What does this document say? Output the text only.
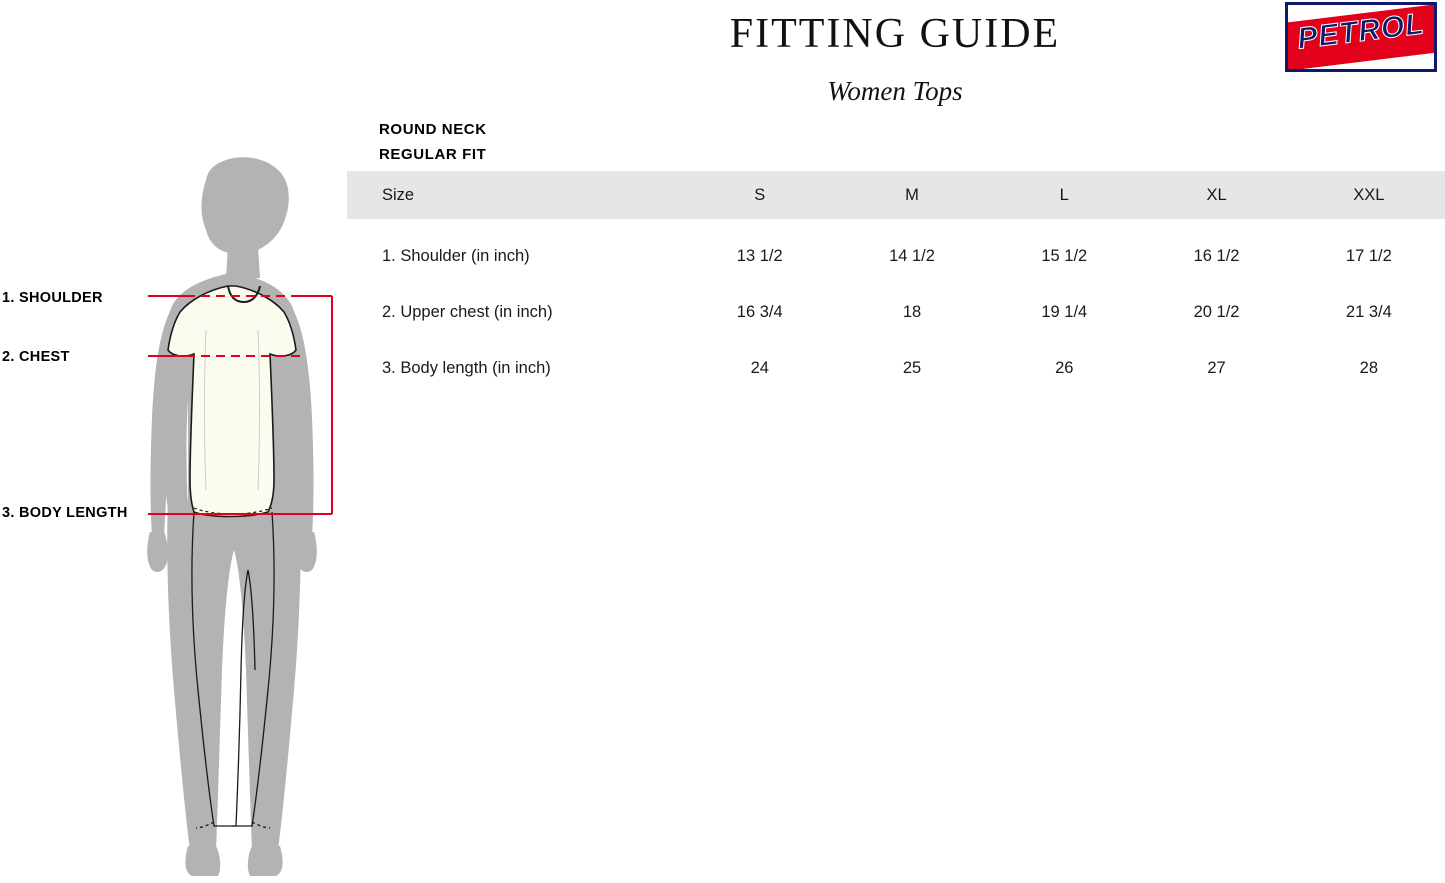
FITTING GUIDE
Women Tops
PETROL
ROUND NECK
REGULAR FIT
Size	S	M	L	XL	XXL
1. Shoulder (in inch)	13 1/2	14 1/2	15 1/2	16 1/2	17 1/2
2. Upper chest (in inch)	16 3/4	18	19 1/4	20 1/2	21 3/4
3. Body length (in inch)	24	25	26	27	28
1. SHOULDER
2. CHEST
3. BODY LENGTH
